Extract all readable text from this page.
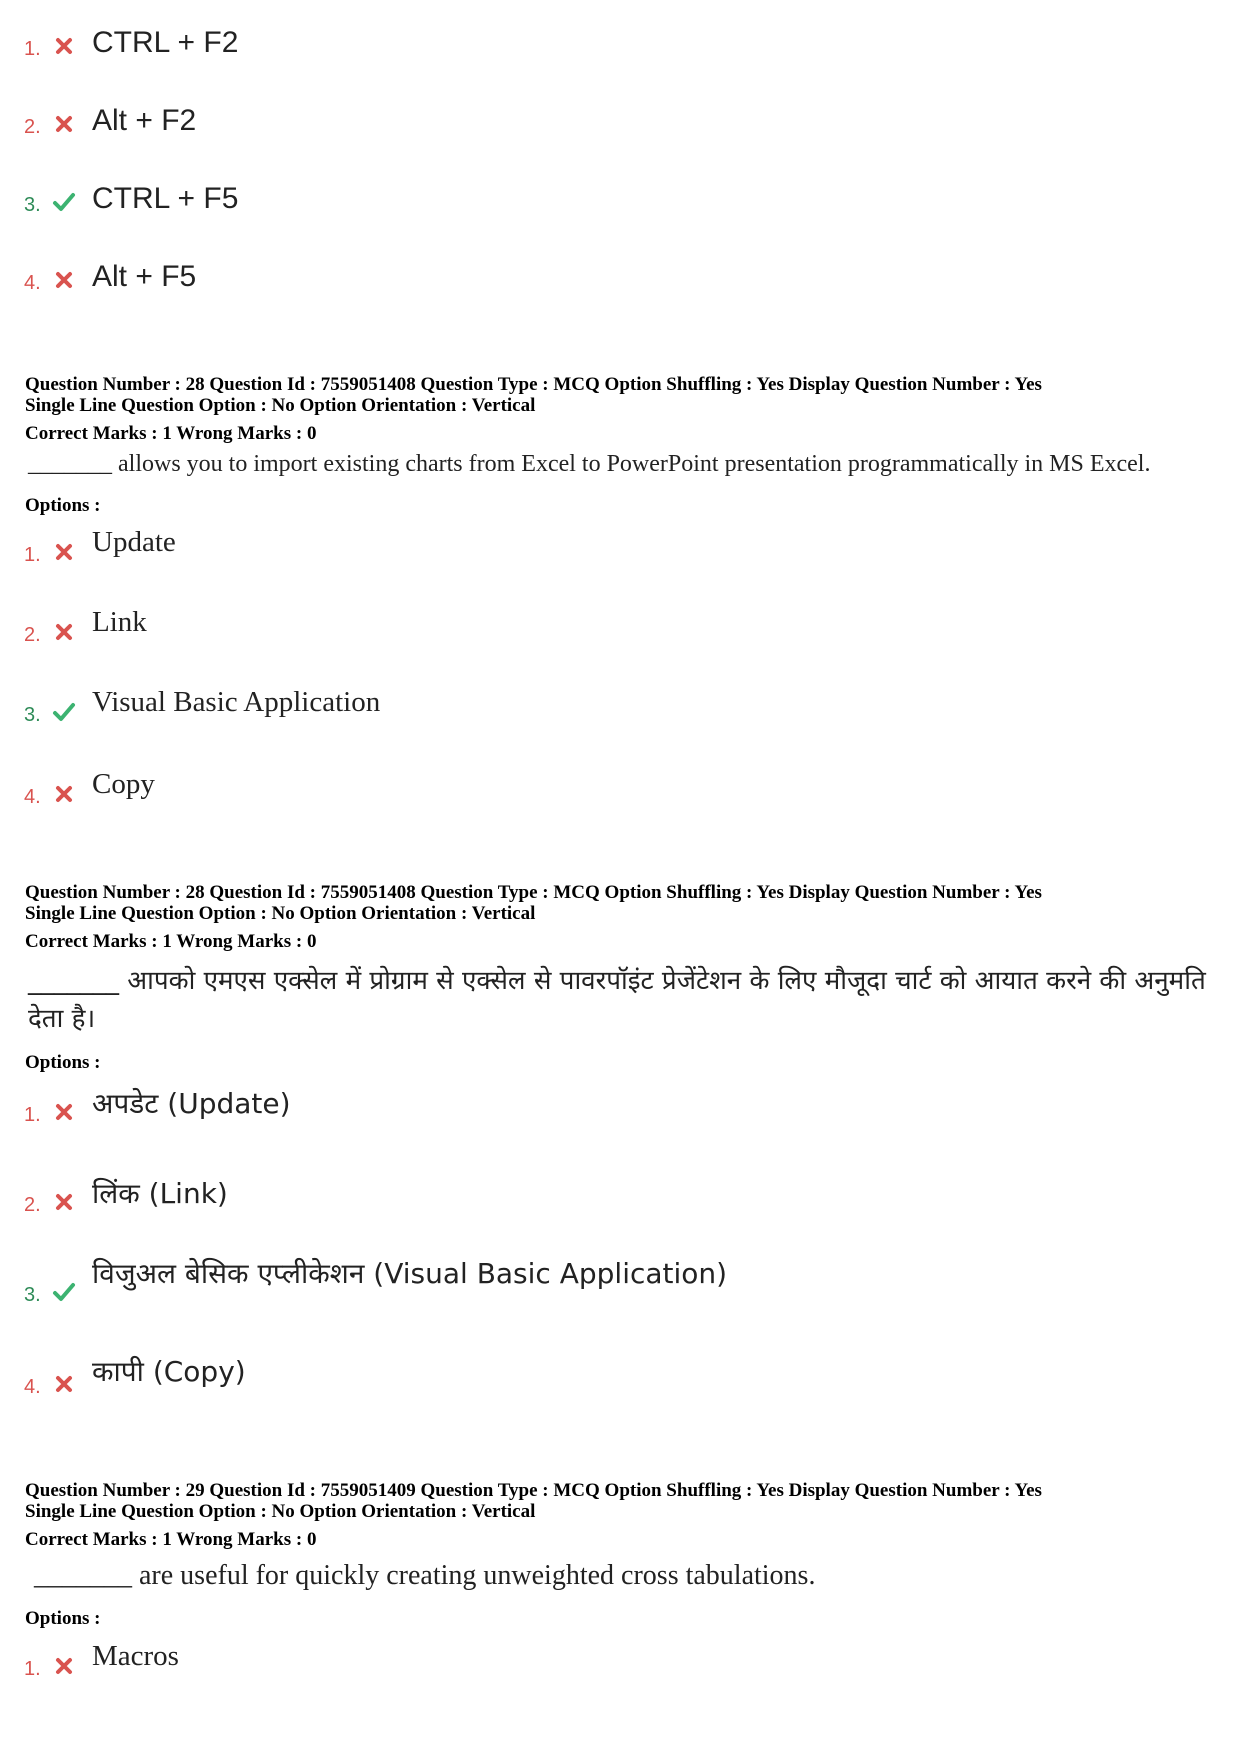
1. CTRL + F2
2. Alt + F2
3. CTRL + F5
4. Alt + F5
Question Number : 28 Question Id : 7559051408 Question Type : MCQ Option Shuffling : Yes Display Question Number : Yes
Single Line Question Option : No Option Orientation : Vertical
Correct Marks : 1 Wrong Marks : 0
_______ allows you to import existing charts from Excel to PowerPoint presentation programmatically in MS Excel.
Options :
1. Update
2. Link
3. Visual Basic Application
4. Copy
Question Number : 28 Question Id : 7559051408 Question Type : MCQ Option Shuffling : Yes Display Question Number : Yes
Single Line Question Option : No Option Orientation : Vertical
Correct Marks : 1 Wrong Marks : 0
_______ आपको एमएस एक्सेल में प्रोग्राम से एक्सेल से पावरपॉइंट प्रेजेंटेशन के लिए मौजूदा चार्ट को आयात करने की अनुमति देता है।
Options :
1. अपडेट (Update)
2. लिंक (Link)
3.
विजुअल बेसिक एप्लीकेशन (Visual Basic Application)
4. कापी (Copy)
Question Number : 29 Question Id : 7559051409 Question Type : MCQ Option Shuffling : Yes Display Question Number : Yes
Single Line Question Option : No Option Orientation : Vertical
Correct Marks : 1 Wrong Marks : 0
_______ are useful for quickly creating unweighted cross tabulations.
Options :
1. Macros
